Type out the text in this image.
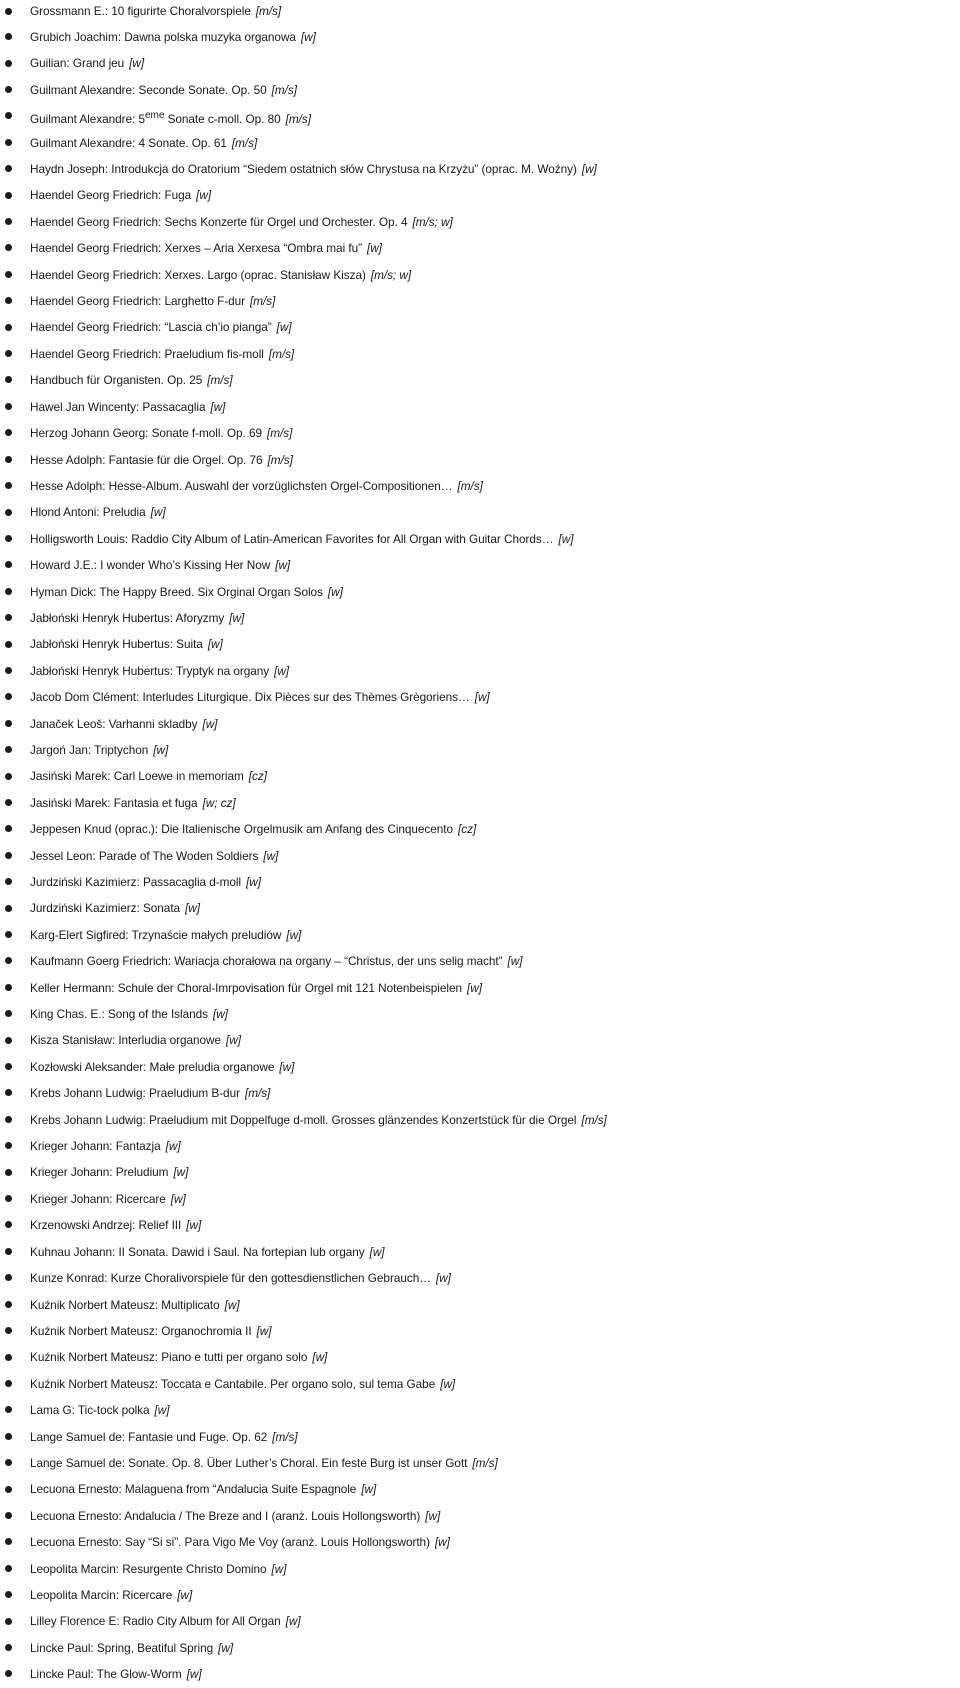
Grossmann E.: 10 figurirte Choralvorspiele [m/s]
Grubich Joachim: Dawna polska muzyka organowa [w]
Guilian: Grand jeu [w]
Guilmant Alexandre: Seconde Sonate. Op. 50 [m/s]
Guilmant Alexandre: 5eme Sonate c-moll. Op. 80 [m/s]
Guilmant Alexandre: 4 Sonate. Op. 61 [m/s]
Haydn Joseph: Introdukcja do Oratorium “Siedem ostatnich słów Chrystusa na Krzyżu” (oprac. M. Woźny) [w]
Haendel Georg Friedrich: Fuga [w]
Haendel Georg Friedrich: Sechs Konzerte für Orgel und Orchester. Op. 4 [m/s; w]
Haendel Georg Friedrich: Xerxes – Aria Xerxesa “Ombra mai fu” [w]
Haendel Georg Friedrich: Xerxes. Largo (oprac. Stanisław Kisza) [m/s; w]
Haendel Georg Friedrich: Larghetto F-dur [m/s]
Haendel Georg Friedrich: “Lascia ch’io pianga” [w]
Haendel Georg Friedrich: Praeludium fis-moll [m/s]
Handbuch für Organisten. Op. 25 [m/s]
Hawel Jan Wincenty: Passacaglia [w]
Herzog Johann Georg: Sonate f-moll. Op. 69 [m/s]
Hesse Adolph: Fantasie für die Orgel. Op. 76 [m/s]
Hesse Adolph: Hesse-Album. Auswahl der vorzüglichsten Orgel-Compositionen… [m/s]
Hlond Antoni: Preludia [w]
Holligsworth Louis: Raddio City Album of Latin-American Favorites for All Organ with Guitar Chords… [w]
Howard J.E.: I wonder Who’s Kissing Her Now [w]
Hyman Dick: The Happy Breed. Six Orginal Organ Solos [w]
Jabłoński Henryk Hubertus: Aforyzmy [w]
Jabłoński Henryk Hubertus: Suita [w]
Jabłoński Henryk Hubertus: Tryptyk na organy [w]
Jacob Dom Clément: Interludes Liturgique. Dix Pièces sur des Thèmes Grègoriens… [w]
Janaček Leoš: Varhanni skladby [w]
Jargoń Jan: Triptychon [w]
Jasiński Marek: Carl Loewe in memoriam [cz]
Jasiński Marek: Fantasia et fuga [w; cz]
Jeppesen Knud (oprac.): Die Italienische Orgelmusik am Anfang des Cinquecento [cz]
Jessel Leon: Parade of The Woden Soldiers [w]
Jurdziński Kazimierz: Passacaglia d-moll [w]
Jurdziński Kazimierz: Sonata [w]
Karg-Elert Sigfired: Trzynaście małych preludiów [w]
Kaufmann Goerg Friedrich: Wariacja chorałowa na organy – “Christus, der uns selig macht” [w]
Keller Hermann: Schule der Choral-Imrpovisation für Orgel mit 121 Notenbeispielen [w]
King Chas. E.: Song of the Islands [w]
Kisza Stanisław: Interludia organowe [w]
Kozłowski Aleksander: Małe preludia organowe [w]
Krebs Johann Ludwig: Praeludium B-dur [m/s]
Krebs Johann Ludwig: Praeludium mit Doppelfuge d-moll. Grosses glänzendes Konzertstück für die Orgel [m/s]
Krieger Johann: Fantazja [w]
Krieger Johann: Preludium [w]
Krieger Johann: Ricercare [w]
Krzenowski Andrzej: Relief III [w]
Kuhnau Johann: II Sonata. Dawid i Saul. Na fortepian lub organy [w]
Kunze Konrad: Kurze Choralivorspiele für den gottesdienstlichen Gebrauch… [w]
Kuźnik Norbert Mateusz: Multiplicato [w]
Kuźnik Norbert Mateusz: Organochromia II [w]
Kuźnik Norbert Mateusz: Piano e tutti per organo solo [w]
Kuźnik Norbert Mateusz: Toccata e Cantabile. Per organo solo, sul tema Gabe [w]
Lama G: Tic-tock polka [w]
Lange Samuel de: Fantasie und Fuge. Op. 62 [m/s]
Lange Samuel de: Sonate. Op. 8. Über Luther’s Choral. Ein feste Burg ist unser Gott [m/s]
Lecuona Ernesto: Malaguena from “Andalucia Suite Espagnole [w]
Lecuona Ernesto: Andalucia / The Breze and I (aranż. Louis Hollongsworth) [w]
Lecuona Ernesto: Say “Si si”. Para Vigo Me Voy (aranż. Louis Hollongsworth) [w]
Leopolita Marcin: Resurgente Christo Domino [w]
Leopolita Marcin: Ricercare [w]
Lilley Florence E: Radio City Album for All Organ [w]
Lincke Paul: Spring, Beatiful Spring [w]
Lincke Paul: The Glow-Worm [w]
